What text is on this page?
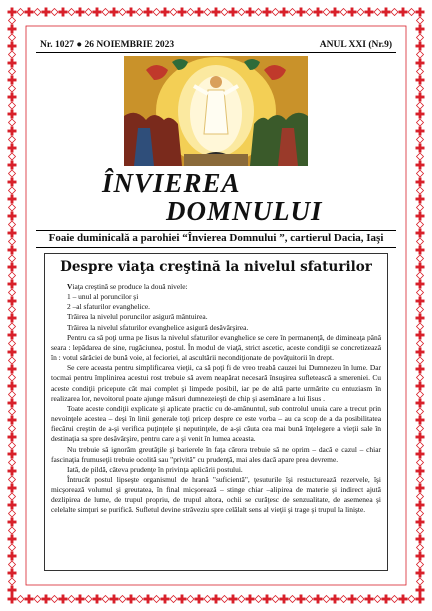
Nr. 1027 ● 26 NOIEMBRIE 2023	ANUL XXI (Nr.9)
ÎNVIEREA
DOMNULUI
Foaie duminicală a parohiei “Învierea Domnului ”, cartierul Dacia, Iaşi
Despre viaţa creştină la nivelul sfaturilor

Viaţa creştină se produce la două nivele:

1 – unul al poruncilor şi

2 –al sfaturilor evanghelice.

Trăirea la nivelul poruncilor asigură mântuirea.

Trăirea la nivelul sfaturilor evanghelice asigură desăvârşirea.

Pentru ca să poţi urma pe Iisus la nivelul sfaturilor evanghelice se cere în permanenţă, de dimineaţa până seara : lepădarea de sine, rugăciunea, postul. În modul de viaţă, strict ascetic, aceste condiţii se concretizează în : votul sărăciei de bună voie, al fecioriei, al ascultării necondiţionate de povăţuitorii în drept.

Se cere aceasta pentru simplificarea vieţii, ca să poţi fi de vreo treabă cauzei lui Dumnezeu în lume. Dar tocmai pentru împlinirea acestui rost trebuie să avem neapărat necesară însuşirea sufletească a smereniei. Cu aceste condiţii pricepute cât mai complet şi limpede posibil, iar pe de altă parte urmărite cu entuziasm în realizarea lor, nevoitorul poate ajunge măsuri dumnezeieşti de chip şi asemănare a lui Iisus .

Toate aceste condiţii explicate şi aplicate practic cu de-amănuntul, sub controlul unuia care a trecut prin nevoinţele acestea – deşi în linii generale toţi pricep despre ce este vorba – au ca scop de a da posibilitatea fiecărui creştin de a-şi verifica puţinţele şi neputinţele, de a-şi căuta cea mai bună înţelegere a vieţii sale în destinaţia sa spre desăvârşire, pentru care a şi venit în lumea aceasta.

Nu trebuie să ignorăm greutăţile şi barierele în faţa cărora trebuie să ne oprim – dacă e cazul – chiar fascinaţia frumuseţii trebuie ocolită sau "privită" cu prudenţă, mai ales dacă apare prea devreme.

Iată, de pildă, câteva prudenţe în privinţa aplicării postului.

Întrucât postul lipseşte organismul de hrană "suficientă", ţesuturile îşi restucturează rezervele, îşi micşorează volumul şi greutatea, în final micşorează – stinge chiar –alipirea de materie şi indirect ajută dezlipirea de lume, de trupul propriu, de trupul altora, ochii se curăţesc de senzualitate, de asemenea şi celelalte simţuri se purifică. Sufletul devine străveziu spre celălalt sens al vieţii şi trage şi trupul la linişte.
